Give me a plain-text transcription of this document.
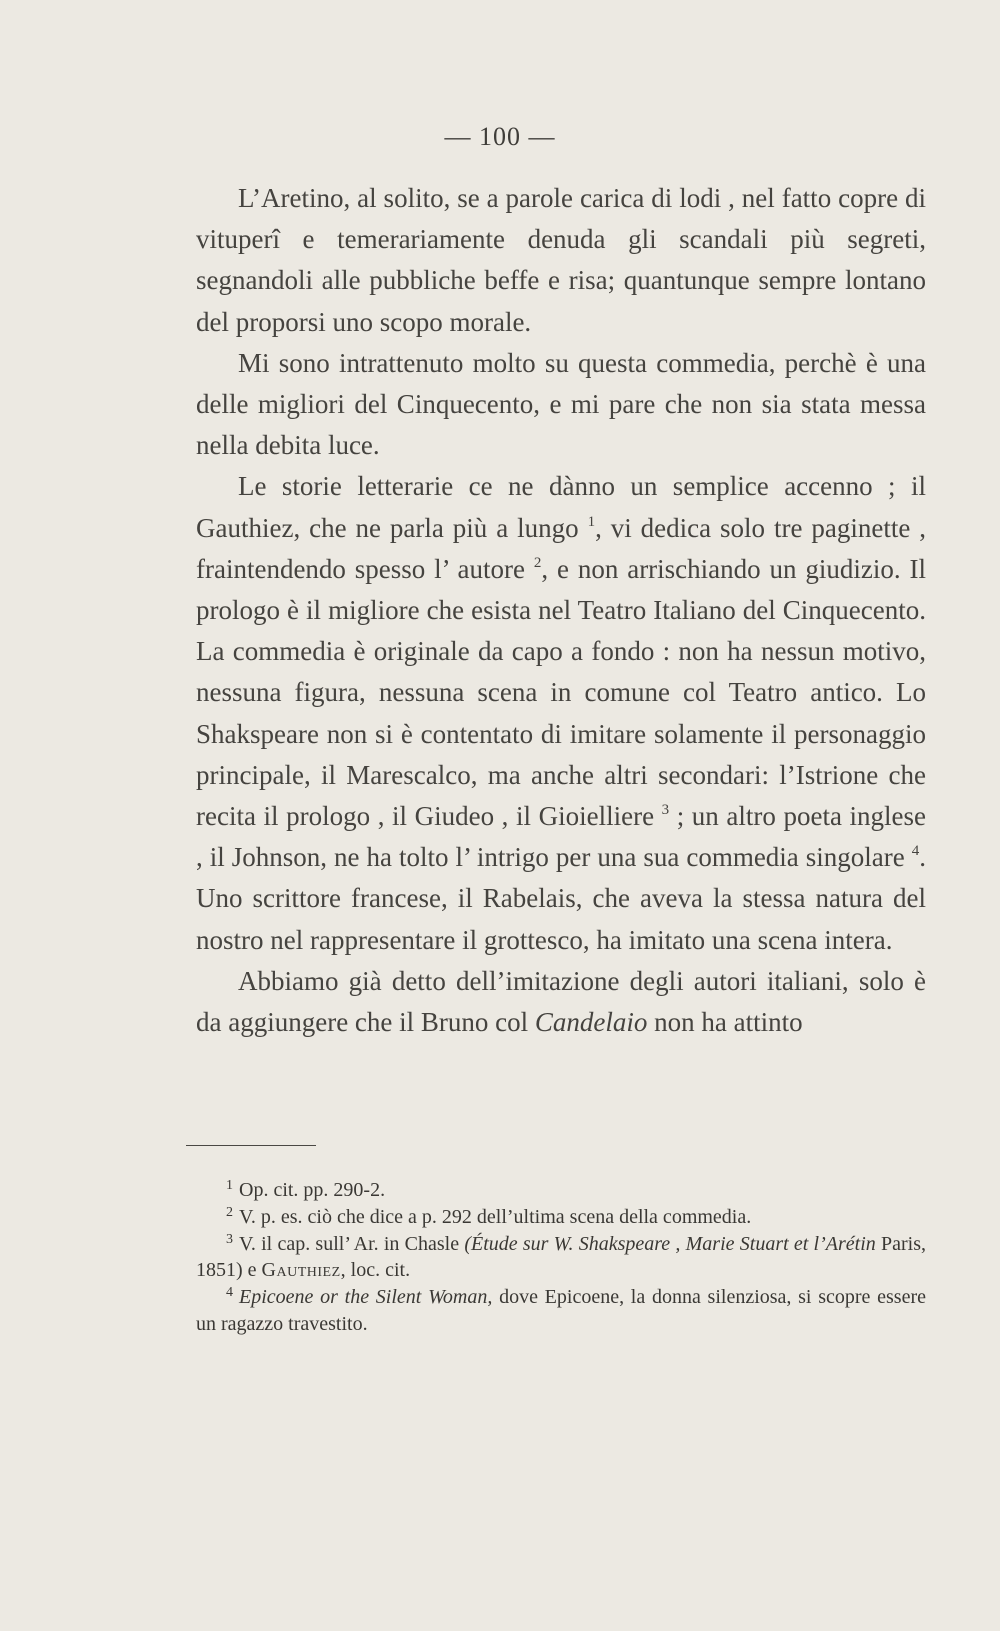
— 100 —

L’Aretino, al solito, se a parole carica di lodi , nel fatto copre di vituperî e temerariamente denuda gli scandali più segreti, segnandoli alle pubbliche beffe e risa; quantunque sempre lontano del proporsi uno scopo morale.

Mi sono intrattenuto molto su questa commedia, perchè è una delle migliori del Cinquecento, e mi pare che non sia stata messa nella debita luce.

Le storie letterarie ce ne dànno un semplice accenno ; il Gauthiez, che ne parla più a lungo $^1$, vi dedica solo tre paginette , fraintendendo spesso l’ autore $^2$, e non arrischiando un giudizio. Il prologo è il migliore che esista nel Teatro Italiano del Cinquecento. La commedia è originale da capo a fondo : non ha nessun motivo, nessuna figura, nessuna scena in comune col Teatro antico. Lo Shakspeare non si è contentato di imitare solamente il personaggio principale, il Marescalco, ma anche altri secondari: l’Istrione che recita il prologo , il Giudeo , il Gioielliere $^3$ ; un altro poeta inglese , il Johnson, ne ha tolto l’ intrigo per una sua commedia singolare $^4$. Uno scrittore francese, il Rabelais, che aveva la stessa natura del nostro nel rappresentare il grottesco, ha imitato una scena intera.

Abbiamo già detto dell’imitazione degli autori italiani, solo è da aggiungere che il Bruno col Candelaio non ha attinto

$^1$ Op. cit. pp. 290-2.

$^2$ V. p. es. ciò che dice a p. 292 dell’ultima scena della commedia.

$^3$ V. il cap. sull’ Ar. in Chasle (Étude sur W. Shakspeare , Marie Stuart et l’Arétin Paris, 1851) e Gauthiez, loc. cit.

$^4$ Epicoene or the Silent Woman, dove Epicoene, la donna silenziosa, si scopre essere un ragazzo travestito.
